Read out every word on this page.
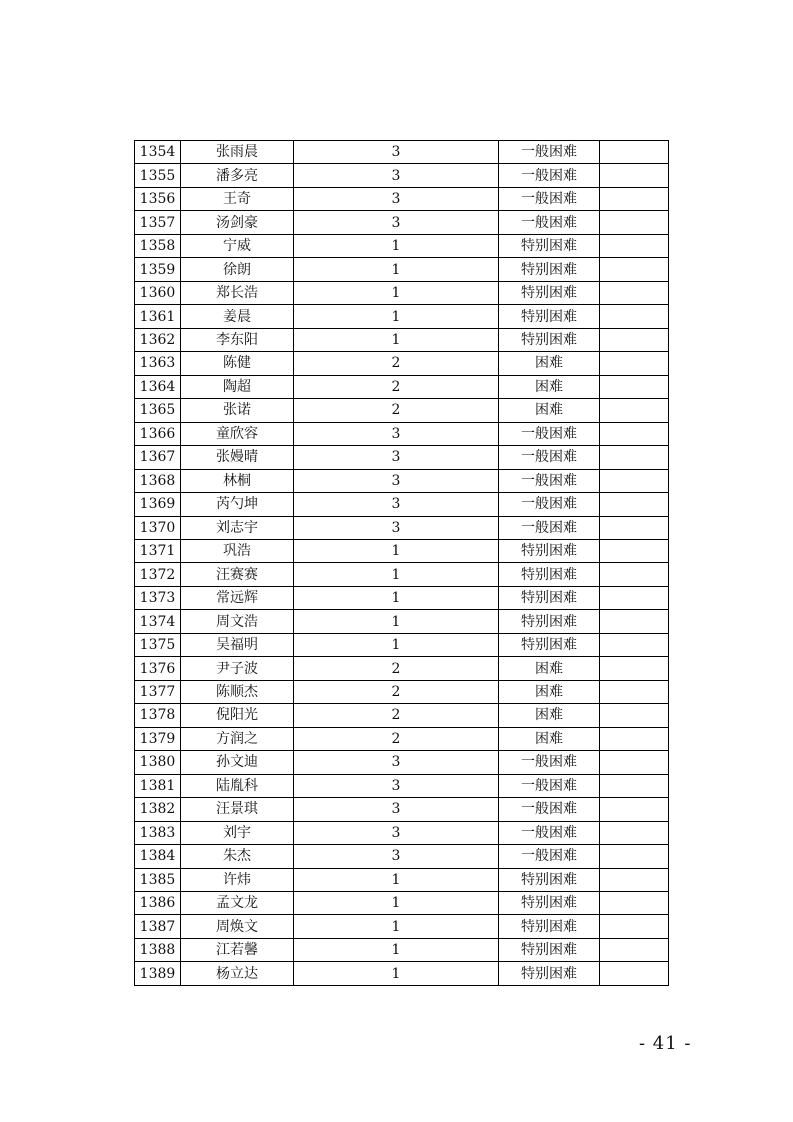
1354	张雨晨	3	一般困难	
1355	潘多亮	3	一般困难	
1356	王奇	3	一般困难	
1357	汤剑豪	3	一般困难	
1358	宁威	1	特别困难	
1359	徐朗	1	特别困难	
1360	郑长浩	1	特别困难	
1361	姜晨	1	特别困难	
1362	李东阳	1	特别困难	
1363	陈健	2	困难	
1364	陶超	2	困难	
1365	张诺	2	困难	
1366	童欣容	3	一般困难	
1367	张嫚晴	3	一般困难	
1368	林桐	3	一般困难	
1369	芮勺坤	3	一般困难	
1370	刘志宇	3	一般困难	
1371	巩浩	1	特别困难	
1372	汪赛赛	1	特别困难	
1373	常远辉	1	特别困难	
1374	周文浩	1	特别困难	
1375	吴福明	1	特别困难	
1376	尹子波	2	困难	
1377	陈顺杰	2	困难	
1378	倪阳光	2	困难	
1379	方润之	2	困难	
1380	孙文迪	3	一般困难	
1381	陆胤科	3	一般困难	
1382	汪景琪	3	一般困难	
1383	刘宇	3	一般困难	
1384	朱杰	3	一般困难	
1385	许炜	1	特别困难	
1386	孟文龙	1	特别困难	
1387	周焕文	1	特别困难	
1388	江若馨	1	特别困难	
1389	杨立达	1	特别困难	
- 41 -
